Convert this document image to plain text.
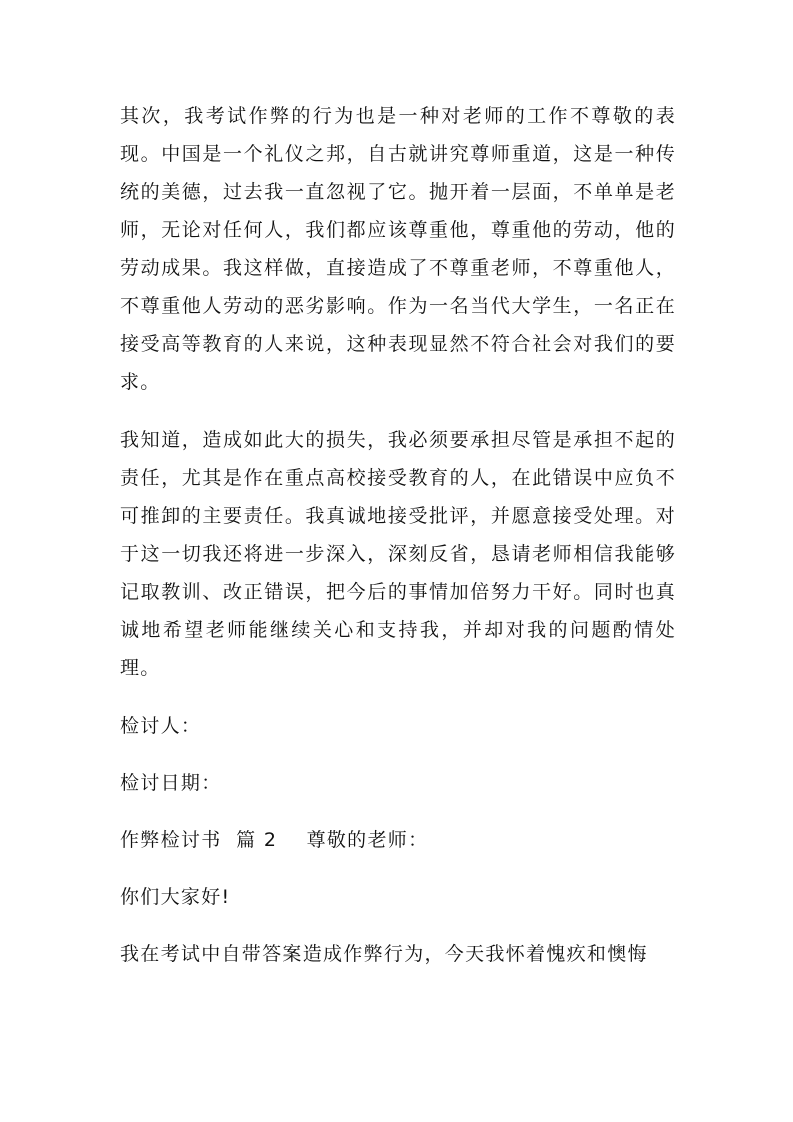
其次，我考试作弊的行为也是一种对老师的工作不尊敬的表现。中国是一个礼仪之邦，自古就讲究尊师重道，这是一种传统的美德，过去我一直忽视了它。抛开着一层面，不单单是老师，无论对任何人，我们都应该尊重他，尊重他的劳动，他的劳动成果。我这样做，直接造成了不尊重老师，不尊重他人，不尊重他人劳动的恶劣影响。作为一名当代大学生，一名正在接受高等教育的人来说，这种表现显然不符合社会对我们的要求。

我知道，造成如此大的损失，我必须要承担尽管是承担不起的责任，尤其是作在重点高校接受教育的人，在此错误中应负不可推卸的主要责任。我真诚地接受批评，并愿意接受处理。对于这一切我还将进一步深入，深刻反省，恳请老师相信我能够记取教训、改正错误，把今后的事情加倍努力干好。同时也真诚地希望老师能继续关心和支持我，并却对我的问题酌情处理。

检讨人：

检讨日期：

作弊检讨书  篇 2    尊敬的老师：

你们大家好!

我在考试中自带答案造成作弊行为，今天我怀着愧疚和懊悔
